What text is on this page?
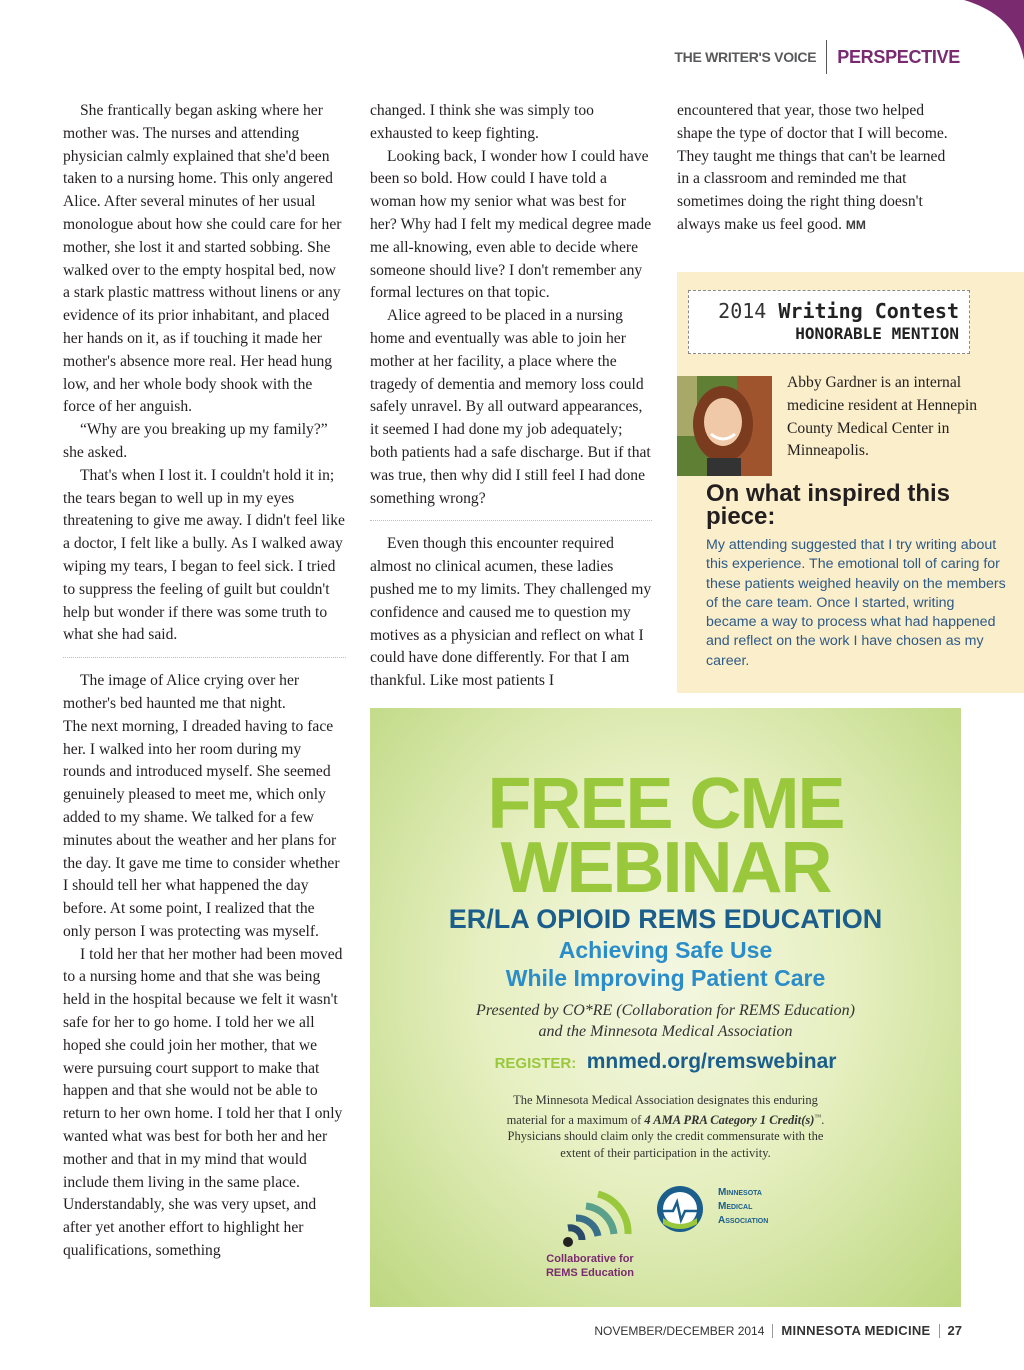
THE WRITER'S VOICE PERSPECTIVE

She frantically began asking where her mother was. The nurses and attending physician calmly explained that she'd been taken to a nursing home. This only angered Alice. After several minutes of her usual monologue about how she could care for her mother, she lost it and started sobbing. She walked over to the empty hospital bed, now a stark plastic mattress without linens or any evidence of its prior inhabitant, and placed her hands on it, as if touching it made her mother's absence more real. Her head hung low, and her whole body shook with the force of her anguish.

“Why are you breaking up my family?” she asked.

That's when I lost it. I couldn't hold it in; the tears began to well up in my eyes threatening to give me away. I didn't feel like a doctor, I felt like a bully. As I walked away wiping my tears, I began to feel sick. I tried to suppress the feeling of guilt but couldn't help but wonder if there was some truth to what she had said.

The image of Alice crying over her mother's bed haunted me that night.

The next morning, I dreaded having to face her. I walked into her room during my rounds and introduced myself. She seemed genuinely pleased to meet me, which only added to my shame. We talked for a few minutes about the weather and her plans for the day. It gave me time to consider whether I should tell her what happened the day before. At some point, I realized that the only person I was protecting was myself.

I told her that her mother had been moved to a nursing home and that she was being held in the hospital because we felt it wasn't safe for her to go home. I told her we all hoped she could join her mother, that we were pursuing court support to make that happen and that she would not be able to return to her own home. I told her that I only wanted what was best for both her and her mother and that in my mind that would include them living in the same place. Understandably, she was very upset, and after yet another effort to highlight her qualifications, something

changed. I think she was simply too exhausted to keep fighting.

Looking back, I wonder how I could have been so bold. How could I have told a woman how my senior what was best for her? Why had I felt my medical degree made me all-knowing, even able to decide where someone should live? I don't remember any formal lectures on that topic.

Alice agreed to be placed in a nursing home and eventually was able to join her mother at her facility, a place where the tragedy of dementia and memory loss could safely unravel. By all outward appearances, it seemed I had done my job adequately; both patients had a safe discharge. But if that was true, then why did I still feel I had done something wrong?

Even though this encounter required almost no clinical acumen, these ladies pushed me to my limits. They challenged my confidence and caused me to question my motives as a physician and reflect on what I could have done differently. For that I am thankful. Like most patients I

encountered that year, those two helped shape the type of doctor that I will become. They taught me things that can't be learned in a classroom and reminded me that sometimes doing the right thing doesn't always make us feel good. MM

2014 Writing Contest
HONORABLE MENTION
Abby Gardner is an internal medicine resident at Hennepin County Medical Center in Minneapolis.
On what inspired this piece:
My attending suggested that I try writing about this experience. The emotional toll of caring for these patients weighed heavily on the members of the care team. Once I started, writing became a way to process what had happened and reflect on the work I have chosen as my career.
FREE CME
WEBINAR
ER/LA OPIOID REMS EDUCATION
Achieving Safe Use
While Improving Patient Care
Presented by CO*RE (Collaboration for REMS Education)
and the Minnesota Medical Association
REGISTER: mnmed.org/remswebinar
The Minnesota Medical Association designates this enduring
material for a maximum of 4 AMA PRA Category 1 Credit(s)™.
Physicians should claim only the credit commensurate with the
extent of their participation in the activity.
Collaborative for
REMS Education
Minnesota
Medical
Association
NOVEMBER/DECEMBER 2014 MINNESOTA MEDICINE 27
